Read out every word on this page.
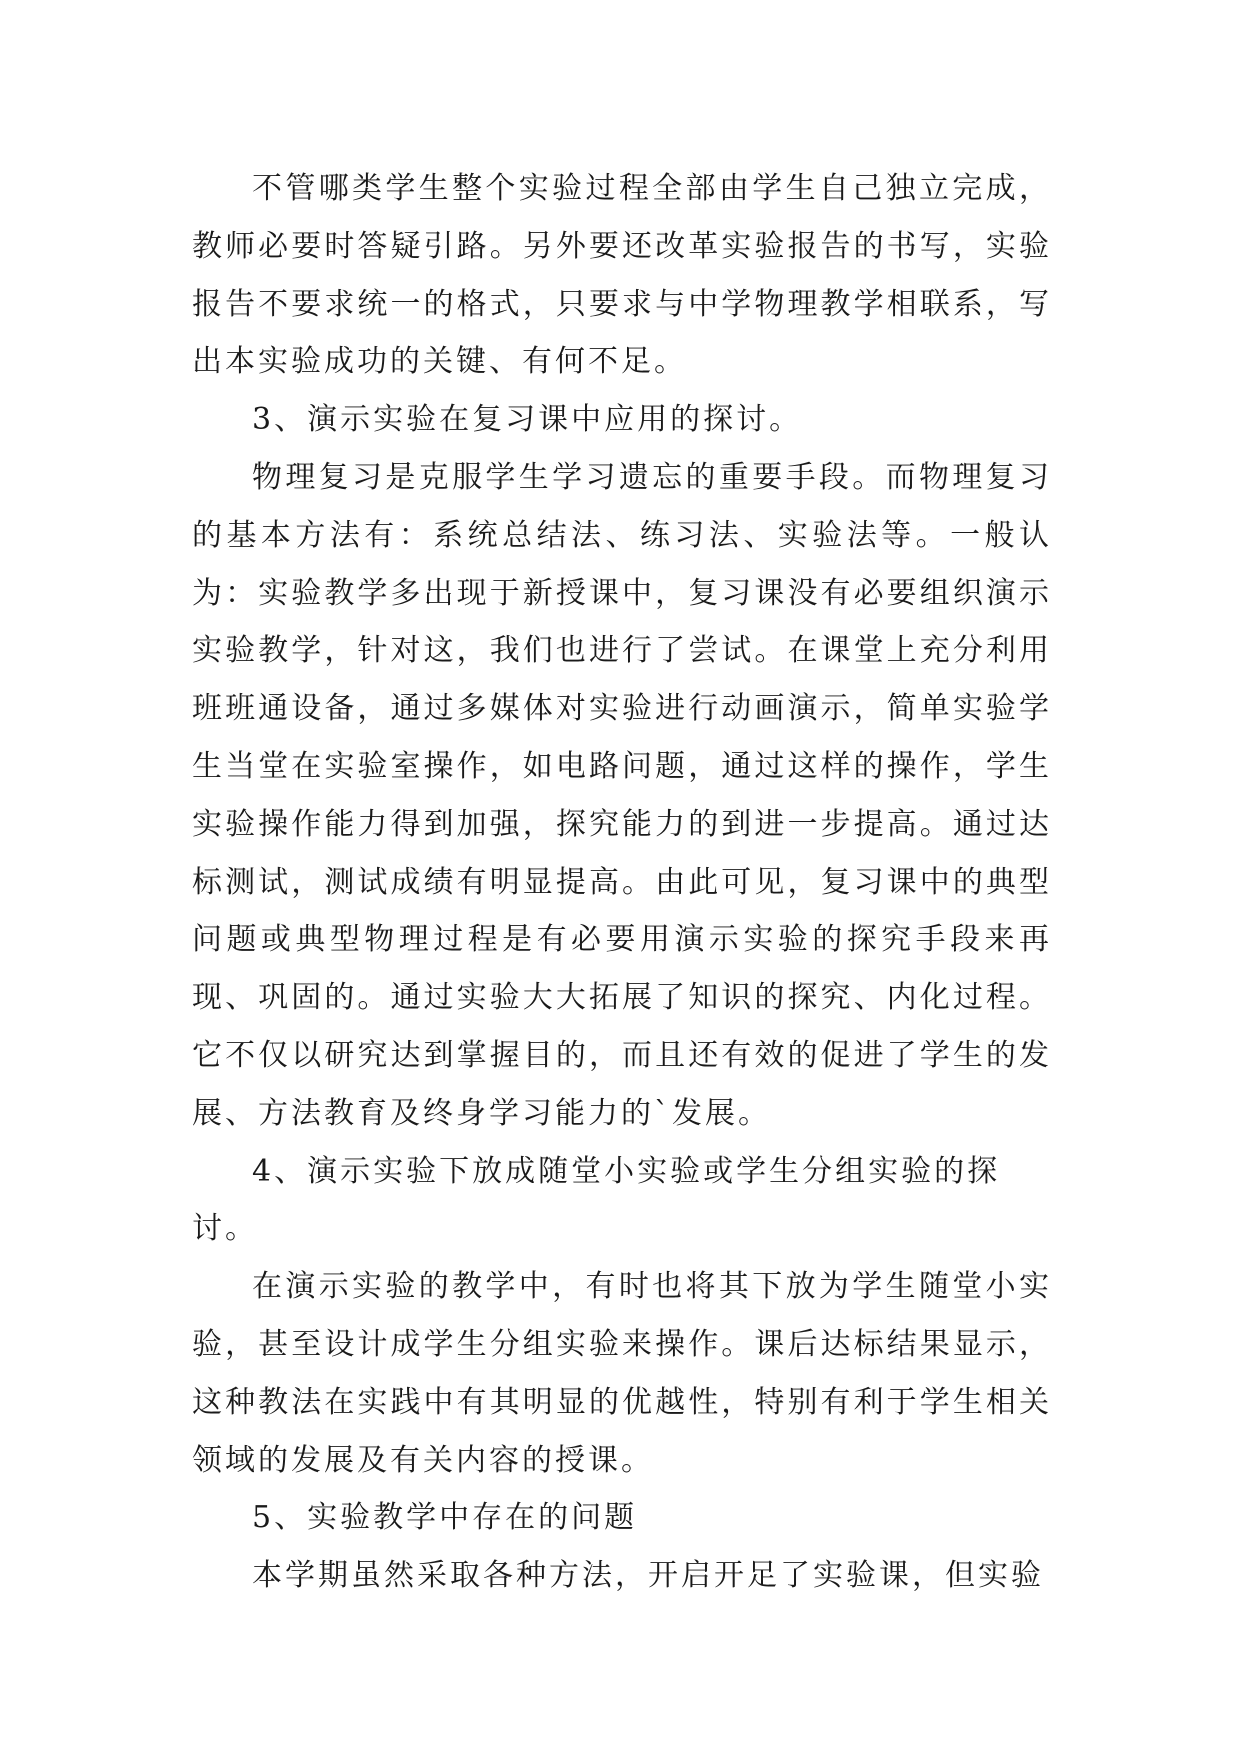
不管哪类学生整个实验过程全部由学生自己独立完成，教师必要时答疑引路。另外要还改革实验报告的书写，实验报告不要求统一的格式，只要求与中学物理教学相联系，写出本实验成功的关键、有何不足。

3、演示实验在复习课中应用的探讨。

物理复习是克服学生学习遗忘的重要手段。而物理复习的基本方法有：系统总结法、练习法、实验法等。一般认为：实验教学多出现于新授课中，复习课没有必要组织演示实验教学，针对这，我们也进行了尝试。在课堂上充分利用班班通设备，通过多媒体对实验进行动画演示，简单实验学生当堂在实验室操作，如电路问题，通过这样的操作，学生实验操作能力得到加强，探究能力的到进一步提高。通过达标测试，测试成绩有明显提高。由此可见，复习课中的典型问题或典型物理过程是有必要用演示实验的探究手段来再现、巩固的。通过实验大大拓展了知识的探究、内化过程。它不仅以研究达到掌握目的，而且还有效的促进了学生的发展、方法教育及终身学习能力的`发展。

4、演示实验下放成随堂小实验或学生分组实验的探讨。

在演示实验的教学中，有时也将其下放为学生随堂小实验，甚至设计成学生分组实验来操作。课后达标结果显示，这种教法在实践中有其明显的优越性，特别有利于学生相关领域的发展及有关内容的授课。

5、实验教学中存在的问题

本学期虽然采取各种方法，开启开足了实验课，但实验
